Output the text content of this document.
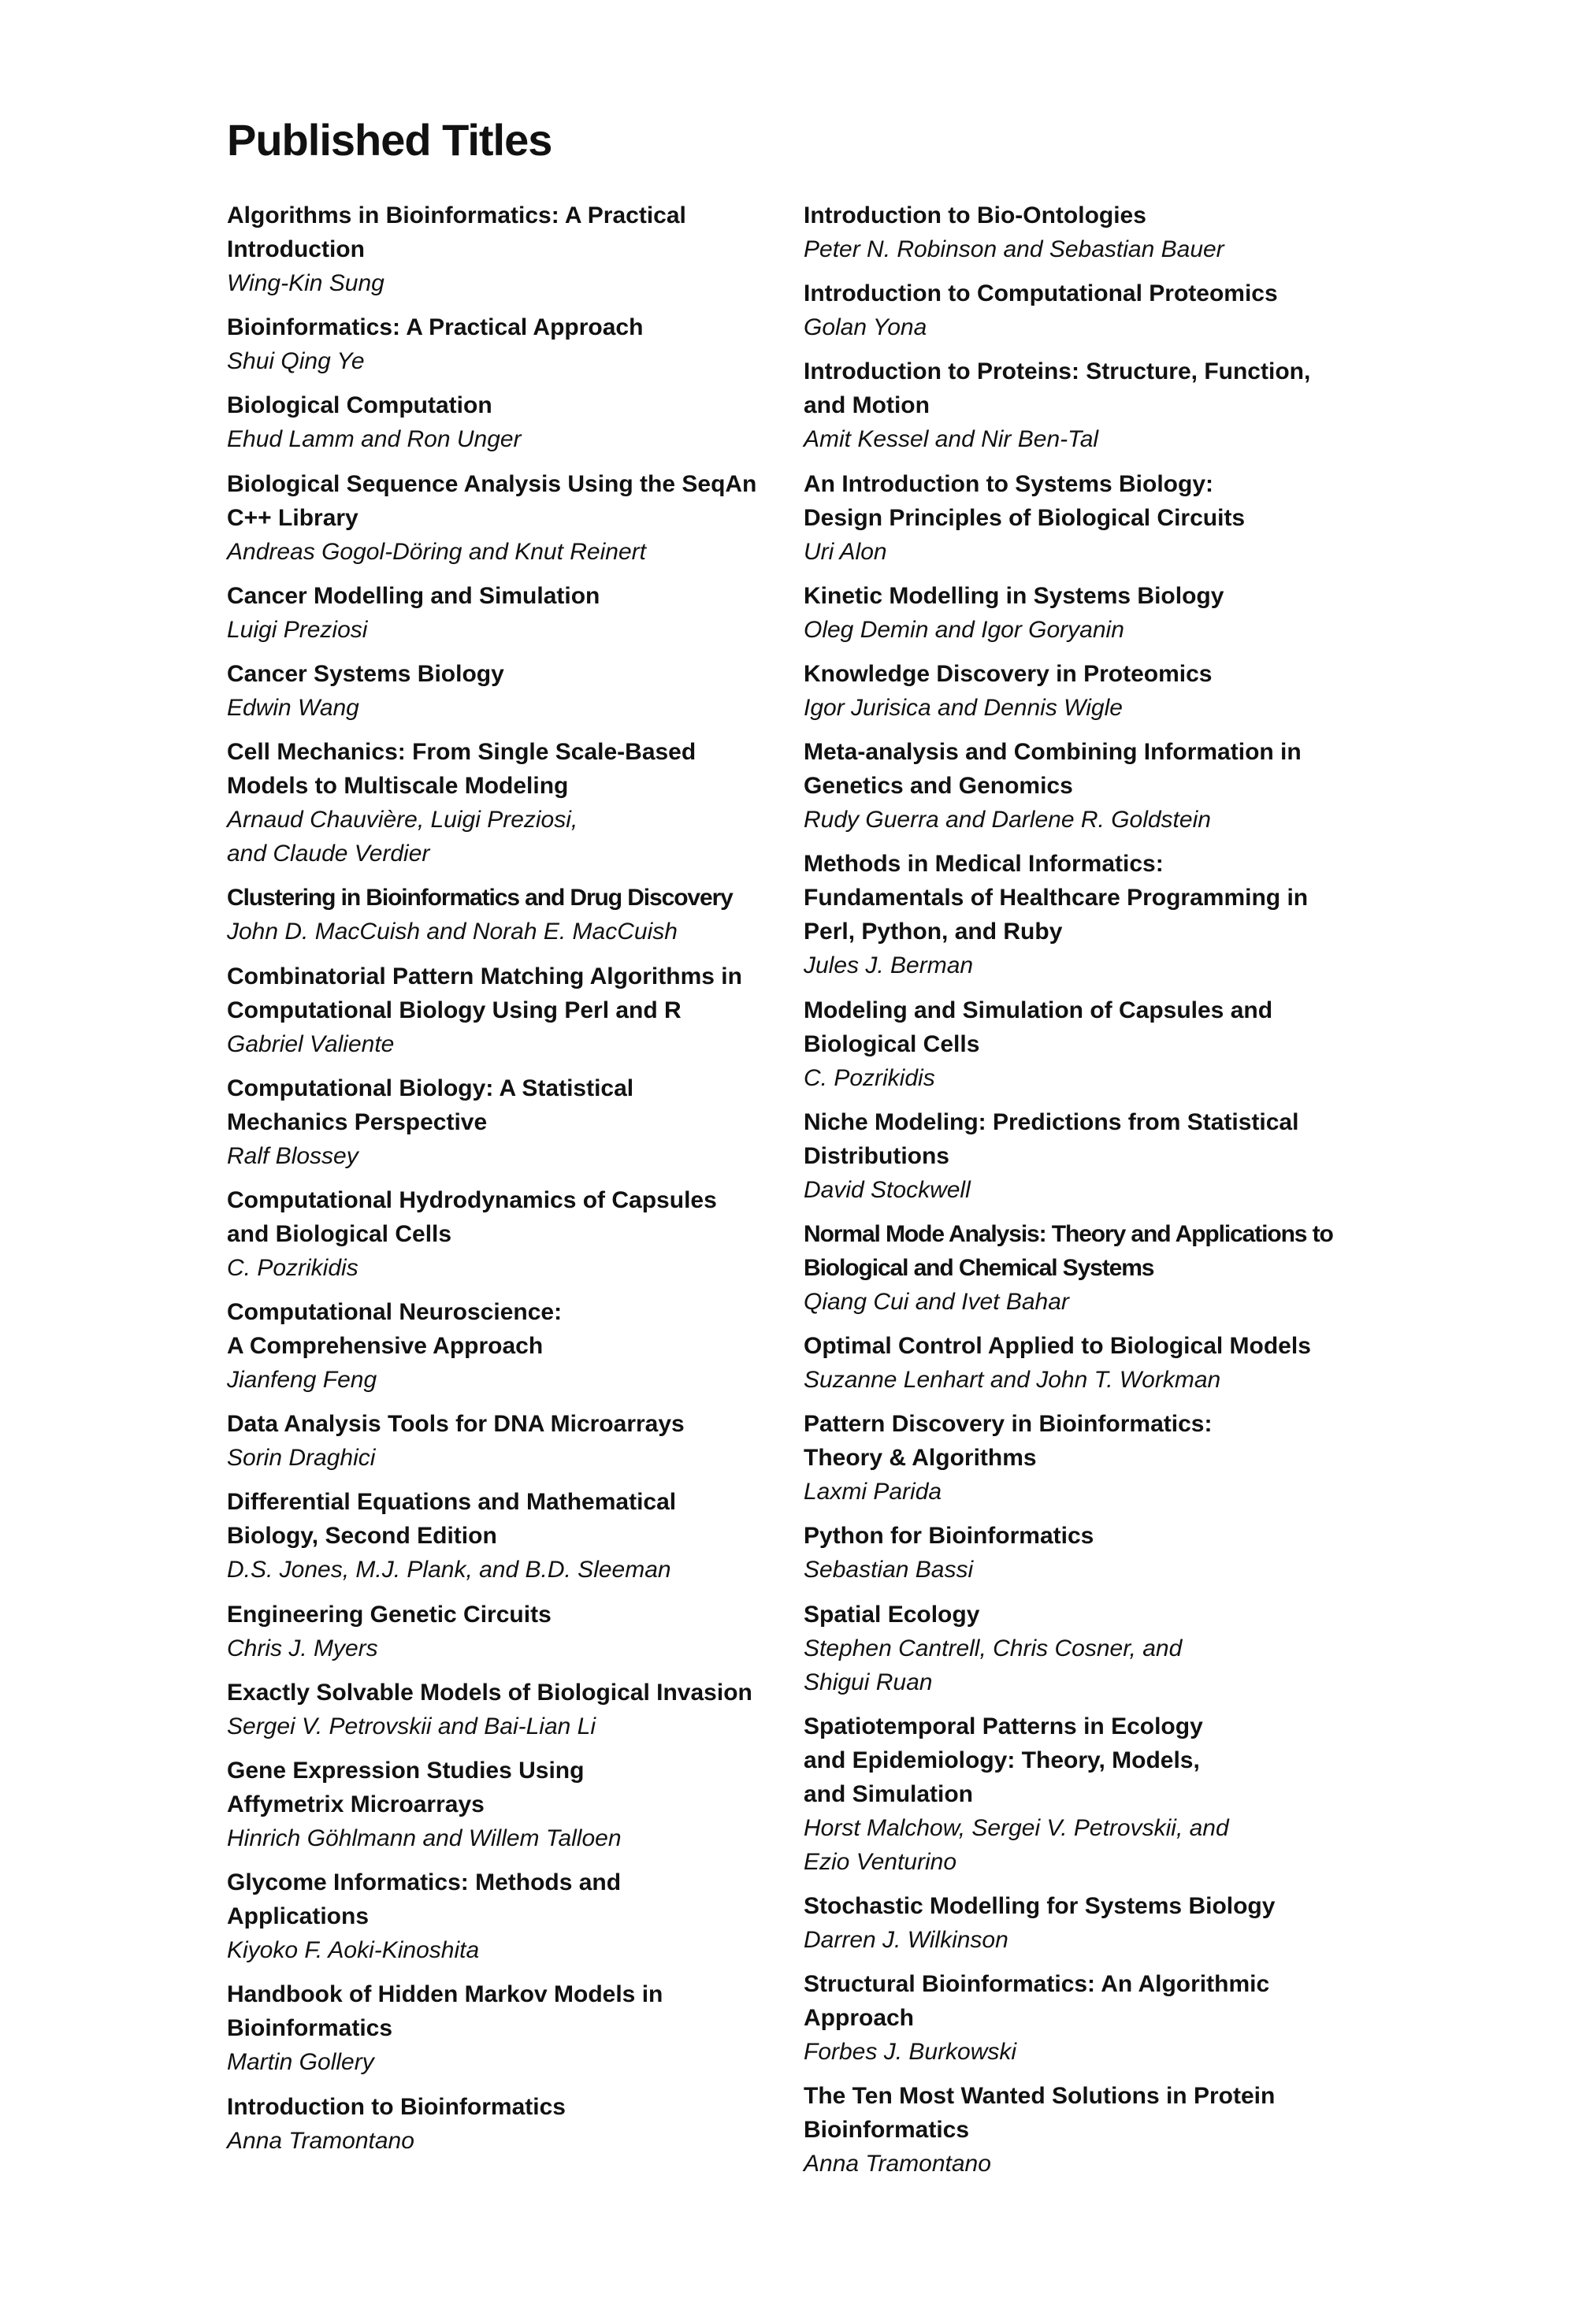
Published Titles
Algorithms in Bioinformatics: A Practical
Introduction
Wing-Kin Sung
Bioinformatics: A Practical Approach
Shui Qing Ye
Biological Computation
Ehud Lamm and Ron Unger
Biological Sequence Analysis Using the SeqAn
C++ Library
Andreas Gogol-Döring and Knut Reinert
Cancer Modelling and Simulation
Luigi Preziosi
Cancer Systems Biology
Edwin Wang
Cell Mechanics: From Single Scale-Based
Models to Multiscale Modeling
Arnaud Chauvière, Luigi Preziosi,
and Claude Verdier
Clustering in Bioinformatics and Drug Discovery
John D. MacCuish and Norah E. MacCuish
Combinatorial Pattern Matching Algorithms in
Computational Biology Using Perl and R
Gabriel Valiente
Computational Biology: A Statistical
Mechanics Perspective
Ralf Blossey
Computational Hydrodynamics of Capsules
and Biological Cells
C. Pozrikidis
Computational Neuroscience:
A Comprehensive Approach
Jianfeng Feng
Data Analysis Tools for DNA Microarrays
Sorin Draghici
Differential Equations and Mathematical
Biology, Second Edition
D.S. Jones, M.J. Plank, and B.D. Sleeman
Engineering Genetic Circuits
Chris J. Myers
Exactly Solvable Models of Biological Invasion
Sergei V. Petrovskii and Bai-Lian Li
Gene Expression Studies Using
Affymetrix Microarrays
Hinrich Göhlmann and Willem Talloen
Glycome Informatics: Methods and
Applications
Kiyoko F. Aoki-Kinoshita
Handbook of Hidden Markov Models in
Bioinformatics
Martin Gollery
Introduction to Bioinformatics
Anna Tramontano
Introduction to Bio-Ontologies
Peter N. Robinson and Sebastian Bauer
Introduction to Computational Proteomics
Golan Yona
Introduction to Proteins: Structure, Function,
and Motion
Amit Kessel and Nir Ben-Tal
An Introduction to Systems Biology:
Design Principles of Biological Circuits
Uri Alon
Kinetic Modelling in Systems Biology
Oleg Demin and Igor Goryanin
Knowledge Discovery in Proteomics
Igor Jurisica and Dennis Wigle
Meta-analysis and Combining Information in
Genetics and Genomics
Rudy Guerra and Darlene R. Goldstein
Methods in Medical Informatics:
Fundamentals of Healthcare Programming in
Perl, Python, and Ruby
Jules J. Berman
Modeling and Simulation of Capsules and
Biological Cells
C. Pozrikidis
Niche Modeling: Predictions from Statistical
Distributions
David Stockwell
Normal Mode Analysis: Theory and Applications to
Biological and Chemical Systems
Qiang Cui and Ivet Bahar
Optimal Control Applied to Biological Models
Suzanne Lenhart and John T. Workman
Pattern Discovery in Bioinformatics:
Theory & Algorithms
Laxmi Parida
Python for Bioinformatics
Sebastian Bassi
Spatial Ecology
Stephen Cantrell, Chris Cosner, and
Shigui Ruan
Spatiotemporal Patterns in Ecology
and Epidemiology: Theory, Models,
and Simulation
Horst Malchow, Sergei V. Petrovskii, and
Ezio Venturino
Stochastic Modelling for Systems Biology
Darren J. Wilkinson
Structural Bioinformatics: An Algorithmic
Approach
Forbes J. Burkowski
The Ten Most Wanted Solutions in Protein
Bioinformatics
Anna Tramontano
